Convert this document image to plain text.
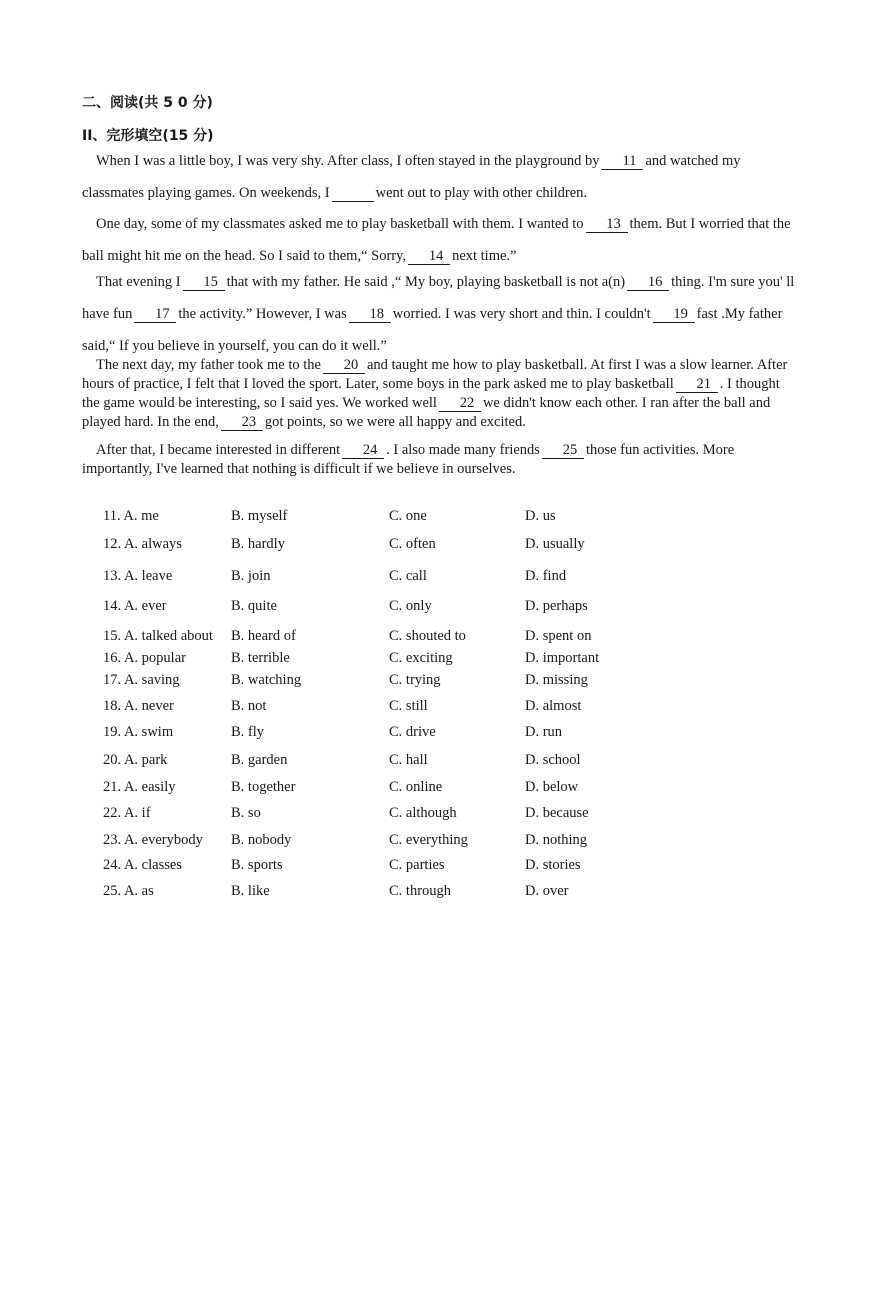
二、阅读(共 5 0 分)
II、完形填空(15 分)
When I was a little boy, I was very shy. After class, I often stayed in the playground by 11 and watched my classmates playing games. On weekends, I	went out to play with other children.
One day, some of my classmates asked me to play basketball with them. I wanted to 13 them. But I worried that the ball might hit me on the head. So I said to them,“ Sorry, 14 next time.”
That evening I 15 that with my father. He said ,“ My boy, playing basketball is not a(n) 16 thing. I'm sure you' ll have fun 17 the activity.” However, I was 18 worried. I was very short and thin. I couldn't 19 fast .My father said,“ If you believe in yourself, you can do it well.”
The next day, my father took me to the 20 and taught me how to play basketball. At first I was a slow learner. After hours of practice, I felt that I loved the sport. Later, some boys in the park asked me to play basketball 21 . I thought the game would be interesting, so I said yes. We worked well 22 we didn't know each other. I ran after the ball and played hard. In the end, 23 got points, so we were all happy and excited.
After that, I became interested in different 24 . I also made many friends 25 those fun activities. More importantly, I've learned that nothing is difficult if we believe in ourselves.
11. A. me	B. myself	C. one	D. us
12. A. always	B. hardly	C. often	D. usually
13. A. leave	B. join	C. call	D. find
14. A. ever	B. quite	C. only	D. perhaps
15. A. talked about B. heard of	C. shouted to	D. spent on
16. A. popular	B. terrible	C. exciting	D. important
17. A. saving	B. watching	C. trying	D. missing
18. A. never	B. not	C. still	D. almost
19. A. swim	B. fly	C. drive	D. run
20. A. park	B. garden	C. hall	D. school
21. A. easily	B. together	C. online	D. below
22. A. if	B. so	C. although	D. because
23. A. everybody B. nobody	C. everything	D. nothing
24. A. classes	B. sports	C. parties	D. stories
25. A. as	B. like	C. through	D. over
